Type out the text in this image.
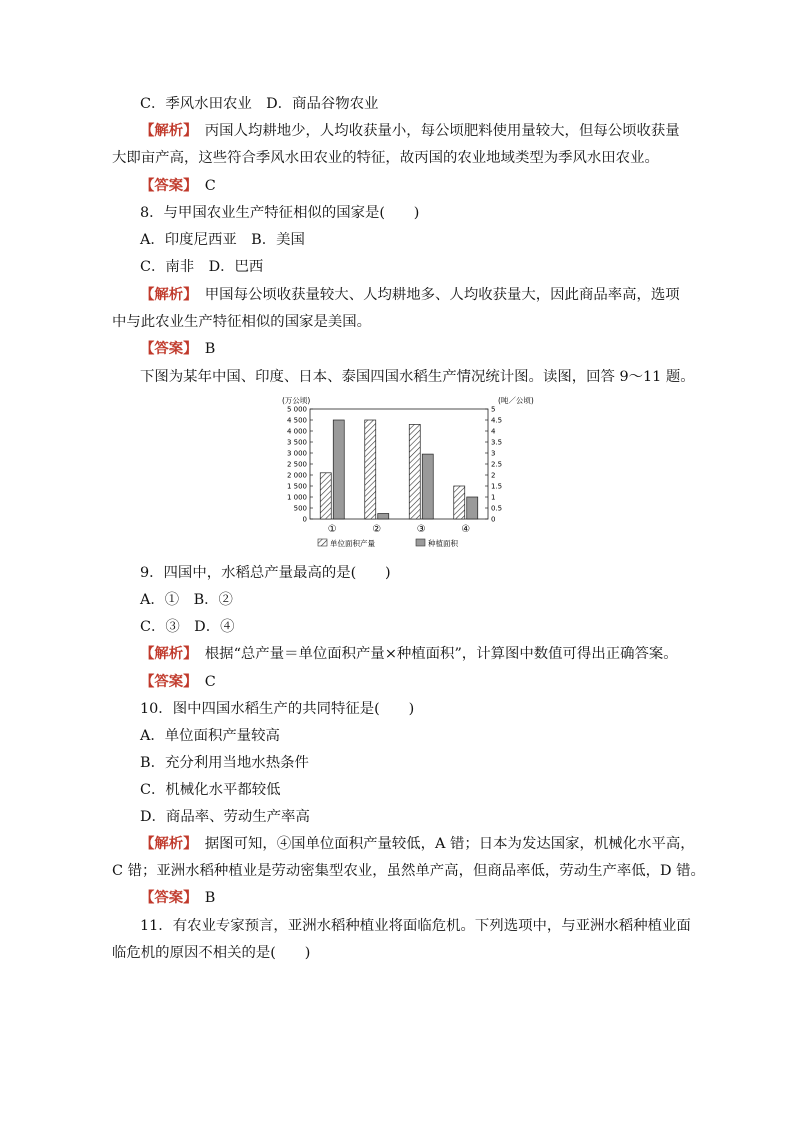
C．季风水田农业　D．商品谷物农业
【解析】　 丙国人均耕地少，人均收获量小，每公顷肥料使用量较大，但每公顷收获量
大即亩产高，这些符合季风水田农业的特征，故丙国的农业地域类型为季风水田农业。
【答案】　 C
8．与甲国农业生产特征相似的国家是(　　)
A．印度尼西亚　B．美国
C．南非　D．巴西
【解析】　 甲国每公顷收获量较大、人均耕地多、人均收获量大，因此商品率高，选项
中与此农业生产特征相似的国家是美国。
【答案】　 B
下图为某年中国、印度、日本、泰国四国水稻生产情况统计图。读图，回答 9～11 题。
(万公顷)	(吨／公顷)
0
500
1 000
1 500
2 000
2 500
3 000
3 500
4 000
4 500
5 000
0
0.5
1
1.5
2
2.5
3
3.5
4
4.5
5
①	②	③	④
单位面积产量	种植面积
9．四国中，水稻总产量最高的是(　　)
A．①　B．②
C．③　D．④
【解析】　 根据“总产量＝单位面积产量×种植面积”，计算图中数值可得出正确答案。
【答案】　 C
10．图中四国水稻生产的共同特征是(　　)
A．单位面积产量较高
B．充分利用当地水热条件
C．机械化水平都较低
D．商品率、劳动生产率高
【解析】　 据图可知，④国单位面积产量较低，A 错；日本为发达国家，机械化水平高，
C 错；亚洲水稻种植业是劳动密集型农业，虽然单产高，但商品率低，劳动生产率低，D 错。
【答案】　 B
11．有农业专家预言，亚洲水稻种植业将面临危机。下列选项中，与亚洲水稻种植业面
临危机的原因不相关的是(　　)
